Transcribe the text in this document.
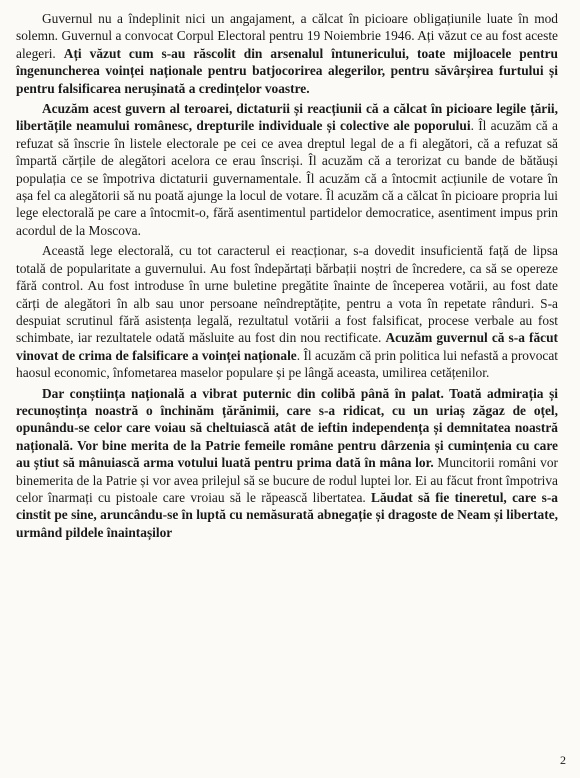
Guvernul nu a îndeplinit nici un angajament, a călcat în picioare obligațiunile luate în mod solemn. Guvernul a convocat Corpul Electoral pentru 19 Noiembrie 1946. Ați văzut ce au fost aceste alegeri. Ați văzut cum s-au răscolit din arsenalul întunericului, toate mijloacele pentru îngenuncherea voinței naționale pentru batjocorirea alegerilor, pentru săvârșirea furtului și pentru falsificarea nerușinată a credințelor voastre.

Acuzăm acest guvern al teroarei, dictaturii și reacțiunii că a călcat în picioare legile țării, libertățile neamului românesc, drepturile individuale și colective ale poporului. Îl acuzăm că a refuzat să înscrie în listele electorale pe cei ce avea dreptul legal de a fi alegători, că a refuzat să împartă cărțile de alegători acelora ce erau înscriși. Îl acuzăm că a terorizat cu bande de bătăuși populația ce se împotriva dictaturii guvernamentale. Îl acuzăm că a întocmit acțiunile de votare în așa fel ca alegătorii să nu poată ajunge la locul de votare. Îl acuzăm că a călcat în picioare propria lui lege electorală pe care a întocmit-o, fără asentimentul partidelor democratice, asentiment impus prin acordul de la Moscova.

Această lege electorală, cu tot caracterul ei reacționar, s-a dovedit insuficientă față de lipsa totală de popularitate a guvernului. Au fost îndepărtați bărbații noștri de încredere, ca să se opereze fără control. Au fost introduse în urne buletine pregătite înainte de începerea votării, au fost date cărți de alegători în alb sau unor persoane neîndreptățite, pentru a vota în repetate rânduri. S-a despuiat scrutinul fără asistența legală, rezultatul votării a fost falsificat, procese verbale au fost schimbate, iar rezultatele odată măsluite au fost din nou rectificate. Acuzăm guvernul că s-a făcut vinovat de crima de falsificare a voinței naționale. Îl acuzăm că prin politica lui nefastă a provocat haosul economic, înfometarea maselor populare și pe lângă aceasta, umilirea cetățenilor.

Dar conștiința națională a vibrat puternic din colibă până în palat. Toată admirația și recunoștința noastră o închinăm țărănimii, care s-a ridicat, cu un uriaș zăgaz de oțel, opunându-se celor care voiau să cheltuiască atât de ieftin independența și demnitatea noastră națională. Vor bine merita de la Patrie femeile române pentru dârzenia și cumințenia cu care au știut să mânuiască arma votului luată pentru prima dată în mâna lor. Muncitorii români vor binemerita de la Patrie și vor avea prilejul să se bucure de rodul luptei lor. Ei au făcut front împotriva celor înarmați cu pistoale care vroiau să le răpească libertatea. Lăudat să fie tineretul, care s-a cinstit pe sine, aruncându-se în luptă cu nemăsurată abnegație și dragoste de Neam și libertate, urmând pildele înaintașilor

2
